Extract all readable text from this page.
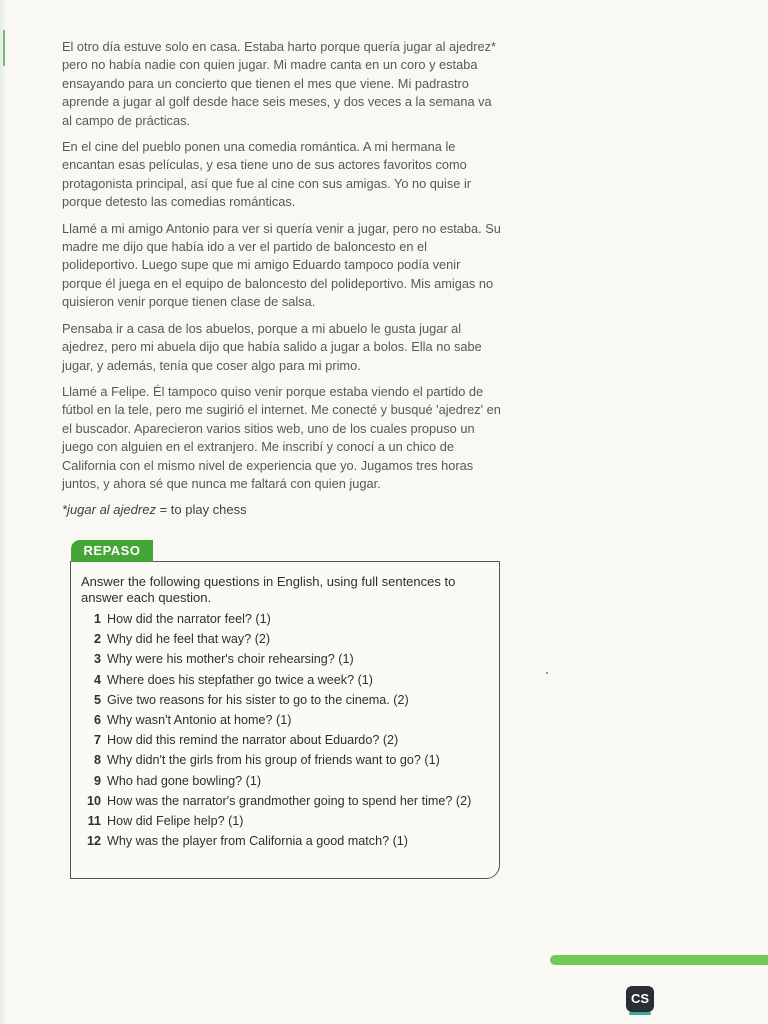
El otro día estuve solo en casa. Estaba harto porque quería jugar al ajedrez* pero no había nadie con quien jugar. Mi madre canta en un coro y estaba ensayando para un concierto que tienen el mes que viene. Mi padrastro aprende a jugar al golf desde hace seis meses, y dos veces a la semana va al campo de prácticas.

En el cine del pueblo ponen una comedia romántica. A mi hermana le encantan esas películas, y esa tiene uno de sus actores favoritos como protagonista principal, así que fue al cine con sus amigas. Yo no quise ir porque detesto las comedias románticas.

Llamé a mi amigo Antonio para ver si quería venir a jugar, pero no estaba. Su madre me dijo que había ido a ver el partido de baloncesto en el polideportivo. Luego supe que mi amigo Eduardo tampoco podía venir porque él juega en el equipo de baloncesto del polideportivo. Mis amigas no quisieron venir porque tienen clase de salsa.

Pensaba ir a casa de los abuelos, porque a mi abuelo le gusta jugar al ajedrez, pero mi abuela dijo que había salido a jugar a bolos. Ella no sabe jugar, y además, tenía que coser algo para mi primo.

Llamé a Felipe. Él tampoco quiso venir porque estaba viendo el partido de fútbol en la tele, pero me sugirió el internet. Me conecté y busqué 'ajedrez' en el buscador. Aparecieron varios sitios web, uno de los cuales propuso un juego con alguien en el extranjero. Me inscribí y conocí a un chico de California con el mismo nivel de experiencia que yo. Jugamos tres horas juntos, y ahora sé que nunca me faltará con quien jugar.

*jugar al ajedrez = to play chess
REPASO
Answer the following questions in English, using full sentences to answer each question.
1 How did the narrator feel? (1)
2 Why did he feel that way? (2)
3 Why were his mother's choir rehearsing? (1)
4 Where does his stepfather go twice a week? (1)
5 Give two reasons for his sister to go to the cinema. (2)
6 Why wasn't Antonio at home? (1)
7 How did this remind the narrator about Eduardo? (2)
8 Why didn't the girls from his group of friends want to go? (1)
9 Who had gone bowling? (1)
10 How was the narrator's grandmother going to spend her time? (2)
11 How did Felipe help? (1)
12 Why was the player from California a good match? (1)
CS
